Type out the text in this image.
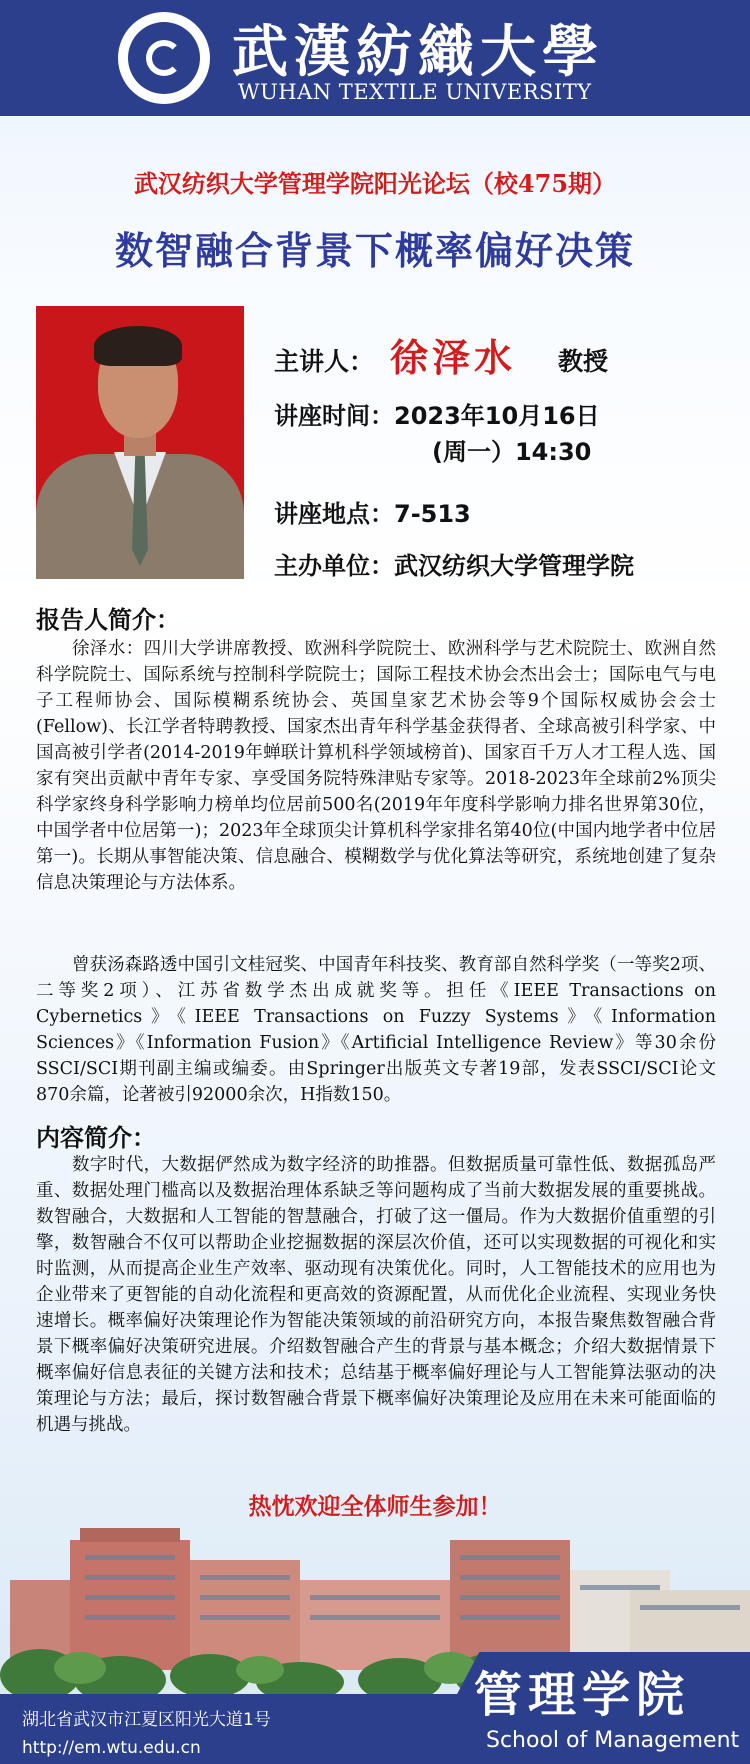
武漢紡織大學
WUHAN TEXTILE UNIVERSITY
武汉纺织大学管理学院阳光论坛（校475期）
数智融合背景下概率偏好决策
主讲人： 徐泽水 教授
讲座时间：2023年10月16日
(周一）14:30
讲座地点：7-513
主办单位：武汉纺织大学管理学院
报告人简介：
徐泽水：四川大学讲席教授、欧洲科学院院士、欧洲科学与艺术院院士、欧洲自然科学院院士、国际系统与控制科学院院士；国际工程技术协会杰出会士；国际电气与电子工程师协会、国际模糊系统协会、英国皇家艺术协会等9个国际权威协会会士(Fellow)、长江学者特聘教授、国家杰出青年科学基金获得者、全球高被引科学家、中国高被引学者(2014-2019年蝉联计算机科学领域榜首)、国家百千万人才工程人选、国家有突出贡献中青年专家、享受国务院特殊津贴专家等。2018-2023年全球前2%顶尖科学家终身科学影响力榜单均位居前500名(2019年年度科学影响力排名世界第30位，中国学者中位居第一)；2023年全球顶尖计算机科学家排名第40位(中国内地学者中位居第一)。长期从事智能决策、信息融合、模糊数学与优化算法等研究，系统地创建了复杂信息决策理论与方法体系。
曾获汤森路透中国引文桂冠奖、中国青年科技奖、教育部自然科学奖（一等奖2项、二等奖2项）、江苏省数学杰出成就奖等。担任《IEEE Transactions on Cybernetics》《IEEE Transactions on Fuzzy Systems》《Information Sciences》《Information Fusion》《Artificial Intelligence Review》等30余份SSCI/SCI期刊副主编或编委。由Springer出版英文专著19部，发表SSCI/SCI论文870余篇，论著被引92000余次，H指数150。
内容简介：
数字时代，大数据俨然成为数字经济的助推器。但数据质量可靠性低、数据孤岛严重、数据处理门槛高以及数据治理体系缺乏等问题构成了当前大数据发展的重要挑战。数智融合，大数据和人工智能的智慧融合，打破了这一僵局。作为大数据价值重塑的引擎，数智融合不仅可以帮助企业挖掘数据的深层次价值，还可以实现数据的可视化和实时监测，从而提高企业生产效率、驱动现有决策优化。同时，人工智能技术的应用也为企业带来了更智能的自动化流程和更高效的资源配置，从而优化企业流程、实现业务快速增长。概率偏好决策理论作为智能决策领域的前沿研究方向，本报告聚焦数智融合背景下概率偏好决策研究进展。介绍数智融合产生的背景与基本概念；介绍大数据情景下概率偏好信息表征的关键方法和技术；总结基于概率偏好理论与人工智能算法驱动的决策理论与方法；最后，探讨数智融合背景下概率偏好决策理论及应用在未来可能面临的机遇与挑战。
热忱欢迎全体师生参加！
湖北省武汉市江夏区阳光大道1号
http://em.wtu.edu.cn
管理学院
School of Management
